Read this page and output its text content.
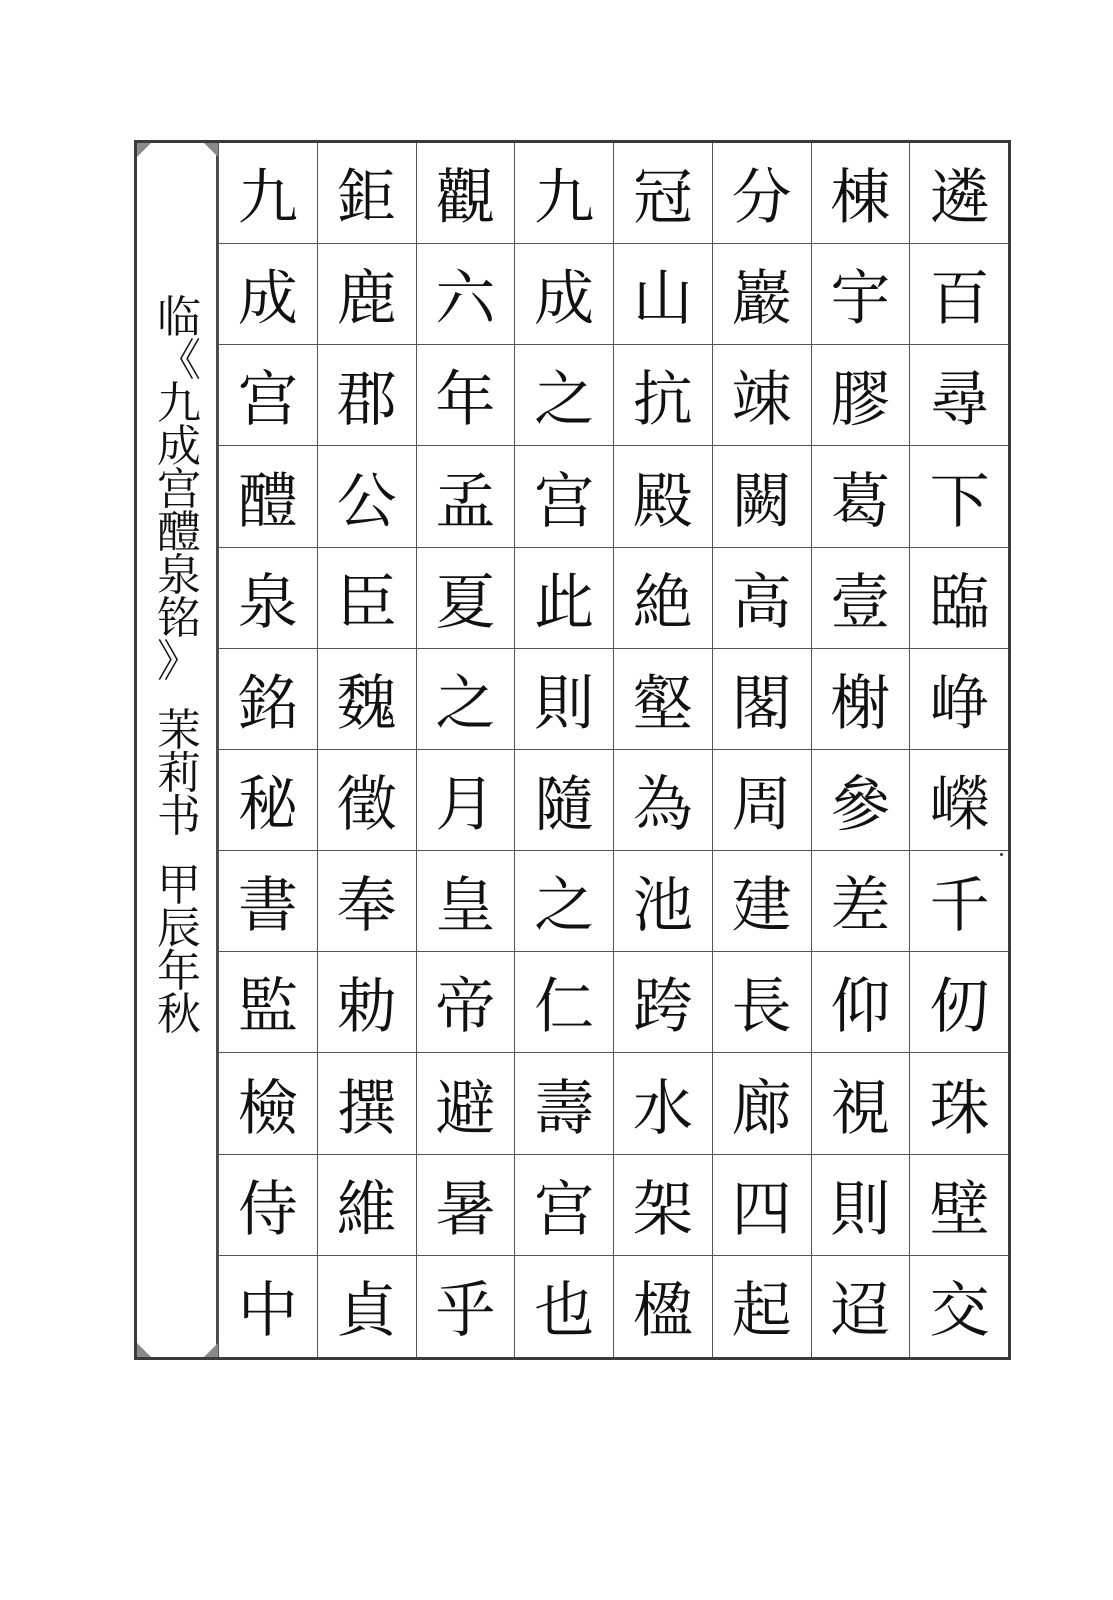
临
《
九
成
宫
醴
泉
铭
》
茉
莉
书
甲
辰
年
秋
九 鉅 觀 九 冠 分 棟 遴
成 鹿 六 成 山 巖 宇 百
宫 郡 年 之 抗 竦 膠 尋
醴 公 孟 宫 殿 闕 葛 下
泉 臣 夏 此 絶 高 壹 臨
銘 魏 之 則 壑 閣 榭 峥
秘 徵 月 隨 為 周 參 嶸
書 奉 皇 之 池 建 差 千
監 勅 帝 仁 跨 長 仰 仞
檢 撰 避 壽 水 廊 視 珠
侍 維 暑 宫 架 四 則 壁
中 貞 乎 也 楹 起 迢 交
